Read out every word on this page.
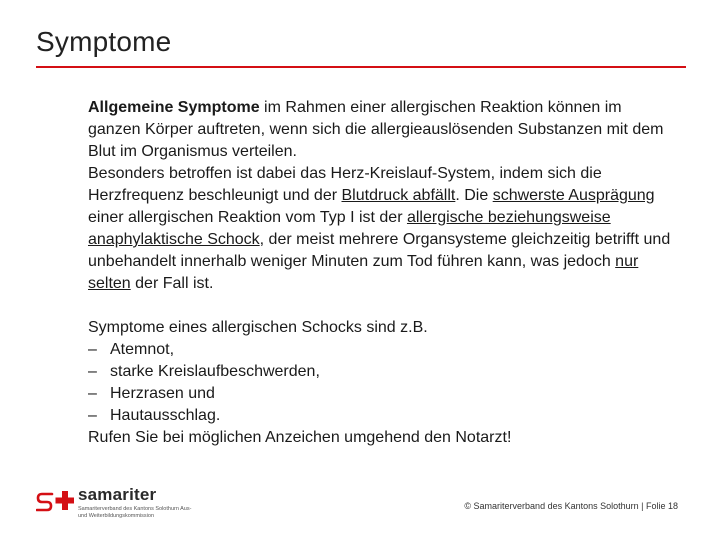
Symptome

Allgemeine Symptome im Rahmen einer allergischen Reaktion können im ganzen Körper auftreten, wenn sich die allergieauslösenden Substanzen mit dem Blut im Organismus verteilen.

Besonders betroffen ist dabei das Herz-Kreislauf-System, indem sich die Herzfrequenz beschleunigt und der Blutdruck abfällt. Die schwerste Ausprägung einer allergischen Reaktion vom Typ I ist der allergische beziehungsweise anaphylaktische Schock, der meist mehrere Organsysteme gleichzeitig betrifft und unbehandelt innerhalb weniger Minuten zum Tod führen kann, was jedoch nur selten der Fall ist.

Symptome eines allergischen Schocks sind z.B.

– Atemnot,
– starke Kreislaufbeschwerden,
– Herzrasen und
– Hautausschlag.

Rufen Sie bei möglichen Anzeichen umgehend den Notarzt!

samariter
Samariterverband des Kantons Solothurn Aus- und Weiterbildungskommission
© Samariterverband des Kantons Solothurn | Folie 18
